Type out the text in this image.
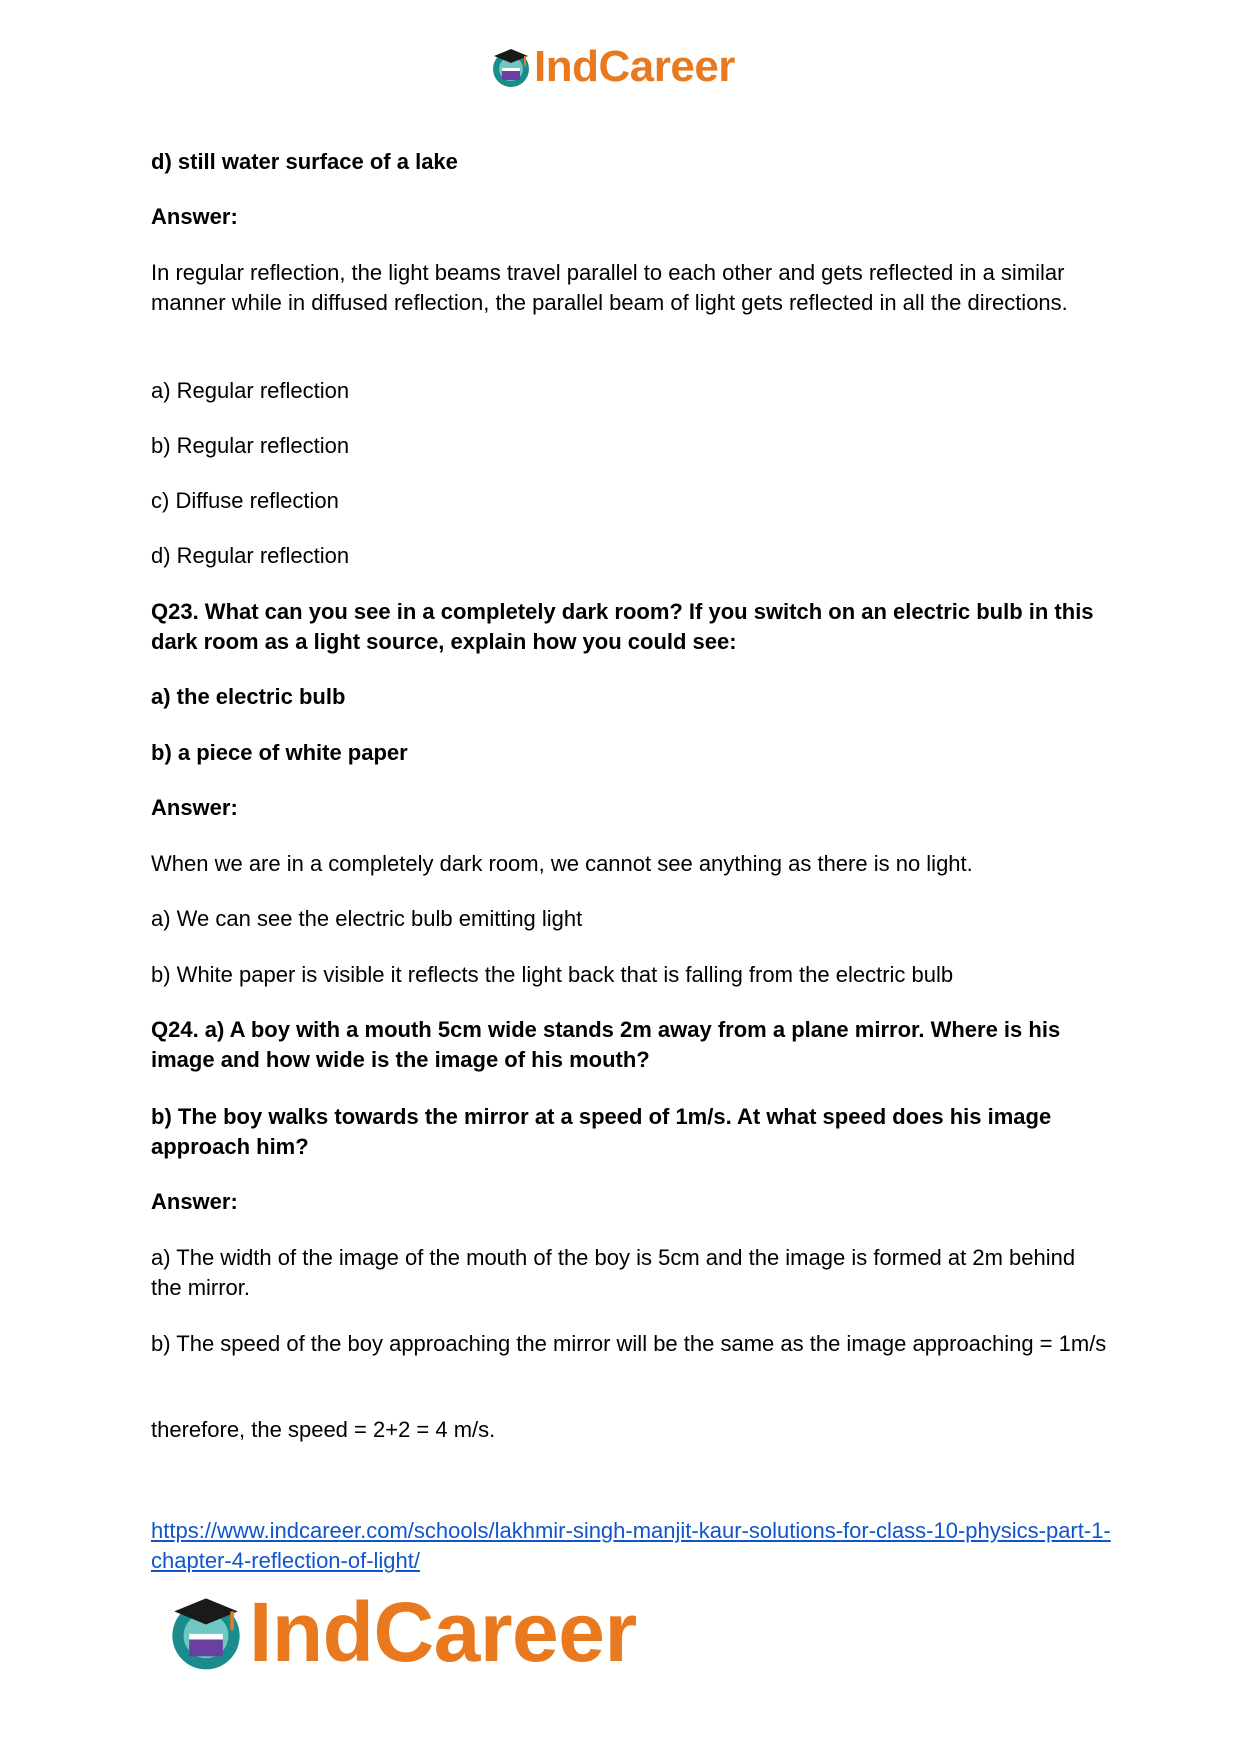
IndCareer

d) still water surface of a lake

Answer:

In regular reflection, the light beams travel parallel to each other and gets reflected in a similar manner while in diffused reflection, the parallel beam of light gets reflected in all the directions.

a) Regular reflection

b) Regular reflection

c) Diffuse reflection

d) Regular reflection

Q23. What can you see in a completely dark room? If you switch on an electric bulb in this dark room as a light source, explain how you could see:

a) the electric bulb

b) a piece of white paper

Answer:

When we are in a completely dark room, we cannot see anything as there is no light.

a) We can see the electric bulb emitting light

b) White paper is visible it reflects the light back that is falling from the electric bulb

Q24. a) A boy with a mouth 5cm wide stands 2m away from a plane mirror. Where is his image and how wide is the image of his mouth?

b) The boy walks towards the mirror at a speed of 1m/s. At what speed does his image approach him?

Answer:

a) The width of the image of the mouth of the boy is 5cm and the image is formed at 2m behind the mirror.

b) The speed of the boy approaching the mirror will be the same as the image approaching = 1m/s

therefore, the speed = 2+2 = 4 m/s.

https://www.indcareer.com/schools/lakhmir-singh-manjit-kaur-solutions-for-class-10-physics-part-1-chapter-4-reflection-of-light/
IndCareer
